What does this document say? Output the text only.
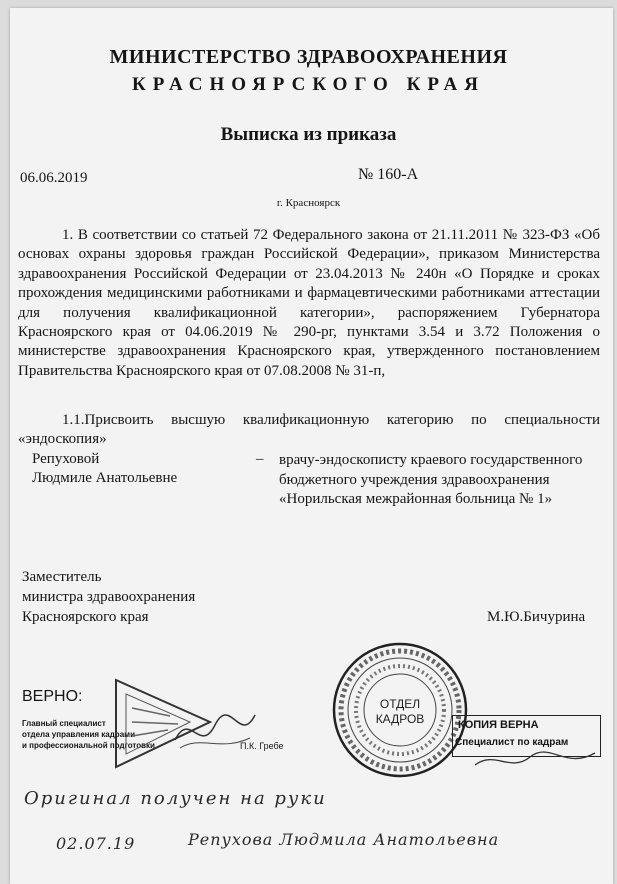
МИНИСТЕРСТВО ЗДРАВООХРАНЕНИЯ
КРАСНОЯРСКОГО КРАЯ
Выписка из приказа
06.06.2019	№ 160-А
г. Красноярск
1. В соответствии со статьей 72 Федерального закона от 21.11.2011 № 323-ФЗ «Об основах охраны здоровья граждан Российской Федерации», приказом Министерства здравоохранения Российской Федерации от 23.04.2013 № 240н «О Порядке и сроках прохождения медицинскими работниками и фармацевтическими работниками аттестации для получения квалификационной категории», распоряжением Губернатора Красноярского края от 04.06.2019 № 290-рг, пунктами 3.54 и 3.72 Положения о министерстве здравоохранения Красноярского края, утвержденного постановлением Правительства Красноярского края от 07.08.2008 № 31-п,
1.1.Присвоить высшую квалификационную категорию по специальности «эндоскопия»
Репуховой
Людмиле Анатольевне
– врачу-эндоскописту краевого государственного бюджетного учреждения здравоохранения «Норильская межрайонная больница № 1»
Заместитель
министра здравоохранения
Красноярского края	М.Ю.Бичурина
ВЕРНО:
Главный специалист
отдела управления кадрами
и профессиональной подготовки	П.К. Гребе
ОТДЕЛ
КАДРОВ	КОПИЯ ВЕРНА
Специалист по кадрам
Оригинал получен на руки
02.07.19	Репухова Людмила Анатольевна
